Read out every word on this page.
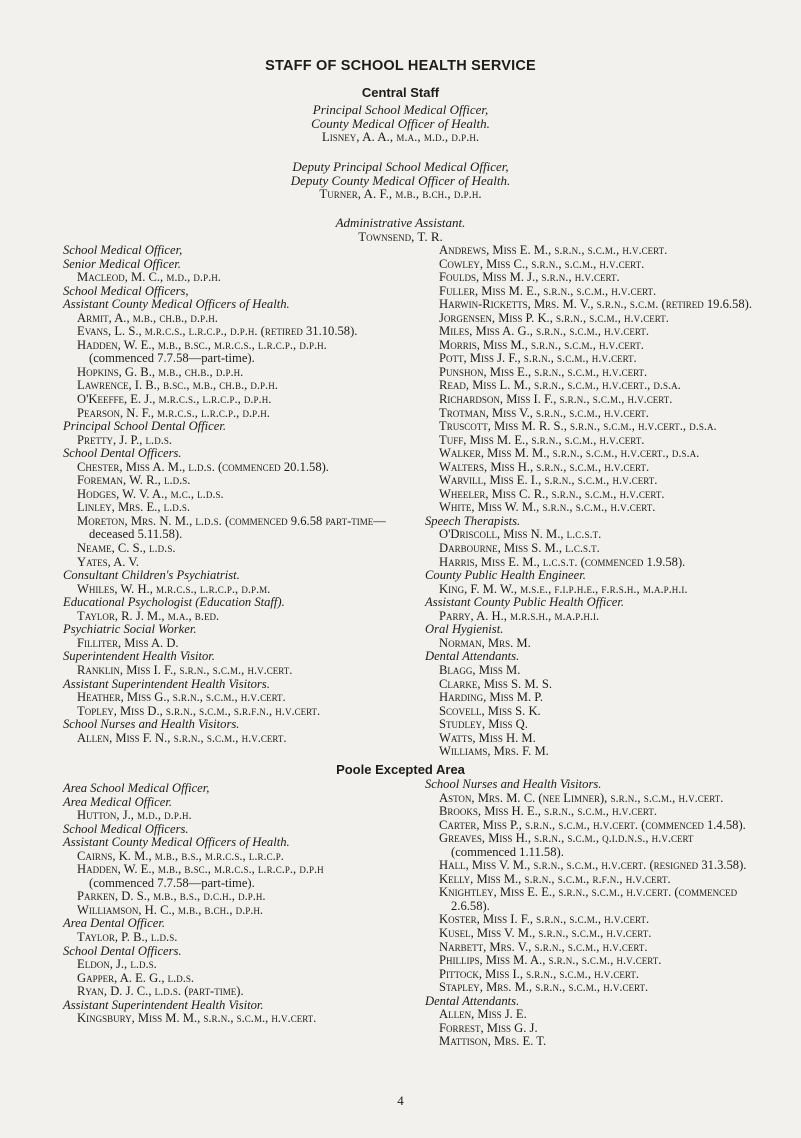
STAFF OF SCHOOL HEALTH SERVICE
Central Staff
Principal School Medical Officer,
County Medical Officer of Health.
Lisney, A. A., m.a., m.d., d.p.h.
Deputy Principal School Medical Officer,
Deputy County Medical Officer of Health.
Turner, A. F., m.b., b.ch., d.p.h.
Administrative Assistant.
Townsend, T. R.
School Medical Officer,
Senior Medical Officer.
Macleod, M. C., m.d., d.p.h.
School Medical Officers,
Assistant County Medical Officers of Health.
Armit, A., m.b., ch.b., d.p.h.
Evans, L. S., m.r.c.s., l.r.c.p., d.p.h. (retired 31.10.58).
Hadden, W. E., m.b., b.sc., m.r.c.s., l.r.c.p., d.p.h.
(commenced 7.7.58—part-time).
Hopkins, G. B., m.b., ch.b., d.p.h.
Lawrence, I. B., b.sc., m.b., ch.b., d.p.h.
O'Keeffe, E. J., m.r.c.s., l.r.c.p., d.p.h.
Pearson, N. F., m.r.c.s., l.r.c.p., d.p.h.
Principal School Dental Officer.
Pretty, J. P., l.d.s.
School Dental Officers.
Chester, Miss A. M., l.d.s. (commenced 20.1.58).
Foreman, W. R., l.d.s.
Hodges, W. V. A., m.c., l.d.s.
Linley, Mrs. E., l.d.s.
Moreton, Mrs. N. M., l.d.s. (commenced 9.6.58 part-time—
deceased 5.11.58).
Neame, C. S., l.d.s.
Yates, A. V.
Consultant Children's Psychiatrist.
Whiles, W. H., m.r.c.s., l.r.c.p., d.p.m.
Educational Psychologist (Education Staff).
Taylor, R. J. M., m.a., b.ed.
Psychiatric Social Worker.
Filliter, Miss A. D.
Superintendent Health Visitor.
Ranklin, Miss I. F., s.r.n., s.c.m., h.v.cert.
Assistant Superintendent Health Visitors.
Heather, Miss G., s.r.n., s.c.m., h.v.cert.
Topley, Miss D., s.r.n., s.c.m., s.r.f.n., h.v.cert.
School Nurses and Health Visitors.
Allen, Miss F. N., s.r.n., s.c.m., h.v.cert.
Andrews, Miss E. M., s.r.n., s.c.m., h.v.cert.
Cowley, Miss C., s.r.n., s.c.m., h.v.cert.
Foulds, Miss M. J., s.r.n., h.v.cert.
Fuller, Miss M. E., s.r.n., s.c.m., h.v.cert.
Harwin-Ricketts, Mrs. M. V., s.r.n., s.c.m. (retired 19.6.58).
Jorgensen, Miss P. K., s.r.n., s.c.m., h.v.cert.
Miles, Miss A. G., s.r.n., s.c.m., h.v.cert.
Morris, Miss M., s.r.n., s.c.m., h.v.cert.
Pott, Miss J. F., s.r.n., s.c.m., h.v.cert.
Punshon, Miss E., s.r.n., s.c.m., h.v.cert.
Read, Miss L. M., s.r.n., s.c.m., h.v.cert., d.s.a.
Richardson, Miss I. F., s.r.n., s.c.m., h.v.cert.
Trotman, Miss V., s.r.n., s.c.m., h.v.cert.
Truscott, Miss M. R. S., s.r.n., s.c.m., h.v.cert., d.s.a.
Tuff, Miss M. E., s.r.n., s.c.m., h.v.cert.
Walker, Miss M. M., s.r.n., s.c.m., h.v.cert., d.s.a.
Walters, Miss H., s.r.n., s.c.m., h.v.cert.
Warvill, Miss E. I., s.r.n., s.c.m., h.v.cert.
Wheeler, Miss C. R., s.r.n., s.c.m., h.v.cert.
White, Miss W. M., s.r.n., s.c.m., h.v.cert.
Speech Therapists.
O'Driscoll, Miss N. M., l.c.s.t.
Darbourne, Miss S. M., l.c.s.t.
Harris, Miss E. M., l.c.s.t. (commenced 1.9.58).
County Public Health Engineer.
King, F. M. W., m.s.e., f.i.p.h.e., f.r.s.h., m.a.p.h.i.
Assistant County Public Health Officer.
Parry, A. H., m.r.s.h., m.a.p.h.i.
Oral Hygienist.
Norman, Mrs. M.
Dental Attendants.
Blagg, Miss M.
Clarke, Miss S. M. S.
Harding, Miss M. P.
Scovell, Miss S. K.
Studley, Miss Q.
Watts, Miss H. M.
Williams, Mrs. F. M.
Poole Excepted Area
Area School Medical Officer,
Area Medical Officer.
Hutton, J., m.d., d.p.h.
School Medical Officers.
Assistant County Medical Officers of Health.
Cairns, K. M., m.b., b.s., m.r.c.s., l.r.c.p.
Hadden, W. E., m.b., b.sc., m.r.c.s., l.r.c.p., d.p.h
(commenced 7.7.58—part-time).
Parken, D. S., m.b., b.s., d.c.h., d.p.h.
Williamson, H. C., m.b., b.ch., d.p.h.
Area Dental Officer.
Taylor, P. B., l.d.s.
School Dental Officers.
Eldon, J., l.d.s.
Gapper, A. E. G., l.d.s.
Ryan, D. J. C., l.d.s. (part-time).
Assistant Superintendent Health Visitor.
Kingsbury, Miss M. M., s.r.n., s.c.m., h.v.cert.
School Nurses and Health Visitors.
Aston, Mrs. M. C. (nee Limner), s.r.n., s.c.m., h.v.cert.
Brooks, Miss H. E., s.r.n., s.c.m., h.v.cert.
Carter, Miss P., s.r.n., s.c.m., h.v.cert. (commenced 1.4.58).
Greaves, Miss H., s.r.n., s.c.m., q.i.d.n.s., h.v.cert
(commenced 1.11.58).
Hall, Miss V. M., s.r.n., s.c.m., h.v.cert. (resigned 31.3.58).
Kelly, Miss M., s.r.n., s.c.m., r.f.n., h.v.cert.
Knightley, Miss E. E., s.r.n., s.c.m., h.v.cert. (commenced
2.6.58).
Koster, Miss I. F., s.r.n., s.c.m., h.v.cert.
Kusel, Miss V. M., s.r.n., s.c.m., h.v.cert.
Narbett, Mrs. V., s.r.n., s.c.m., h.v.cert.
Phillips, Miss M. A., s.r.n., s.c.m., h.v.cert.
Pittock, Miss I., s.r.n., s.c.m., h.v.cert.
Stapley, Mrs. M., s.r.n., s.c.m., h.v.cert.
Dental Attendants.
Allen, Miss J. E.
Forrest, Miss G. J.
Mattison, Mrs. E. T.
4
